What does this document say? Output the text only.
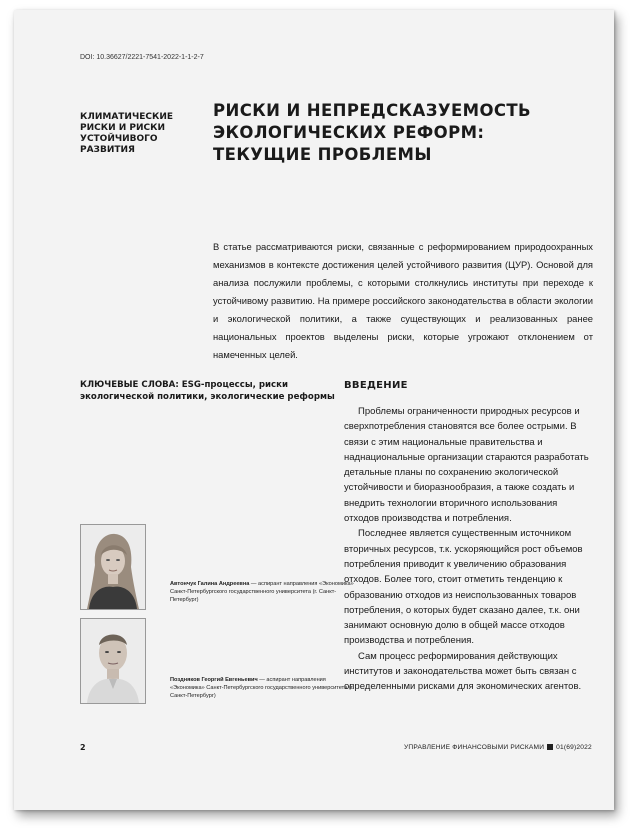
DOI: 10.36627/2221-7541-2022-1-1-2-7
КЛИМАТИЧЕСКИЕ РИСКИ И РИСКИ УСТОЙЧИВОГО РАЗВИТИЯ
РИСКИ И НЕПРЕДСКАЗУЕМОСТЬ ЭКОЛОГИЧЕСКИХ РЕФОРМ: ТЕКУЩИЕ ПРОБЛЕМЫ
В статье рассматриваются риски, связанные с реформированием природоохранных механизмов в контексте достижения целей устойчивого развития (ЦУР). Основой для анализа послужили проблемы, с которыми столкнулись институты при переходе к устойчивому развитию. На примере российского законодательства в области экологии и экологической политики, а также существующих и реализованных ранее национальных проектов выделены риски, которые угрожают отклонением от намеченных целей.
КЛЮЧЕВЫЕ СЛОВА: ESG-процессы, риски экологической политики, экологические реформы
ВВЕДЕНИЕ

Проблемы ограниченности природных ресурсов и сверхпотребления становятся все более острыми. В связи с этим национальные правительства и наднациональные организации стараются разработать детальные планы по сохранению экологической устойчивости и биоразнообразия, а также создать и внедрить технологии вторичного использования отходов производства и потребления.

Последнее является существенным источником вторичных ресурсов, т.к. ускоряющийся рост объемов потребления приводит к увеличению образования отходов. Более того, стоит отметить тенденцию к образованию отходов из неиспользованных товаров потребления, о которых будет сказано далее, т.к. они занимают основную долю в общей массе отходов производства и потребления.

Сам процесс реформирования действующих институтов и законодательства может быть связан с определенными рисками для экономических агентов.

Автончук Галина Андреевна — аспирант направления «Экономика» Санкт-Петербургского государственного университета (г. Санкт-Петербург)
Поздняков Георгий Евгеньевич — аспирант направления «Экономика» Санкт-Петербургского государственного университета (г. Санкт-Петербург)
2	УПРАВЛЕНИЕ ФИНАНСОВЫМИ РИСКАМИ 01(69)2022
